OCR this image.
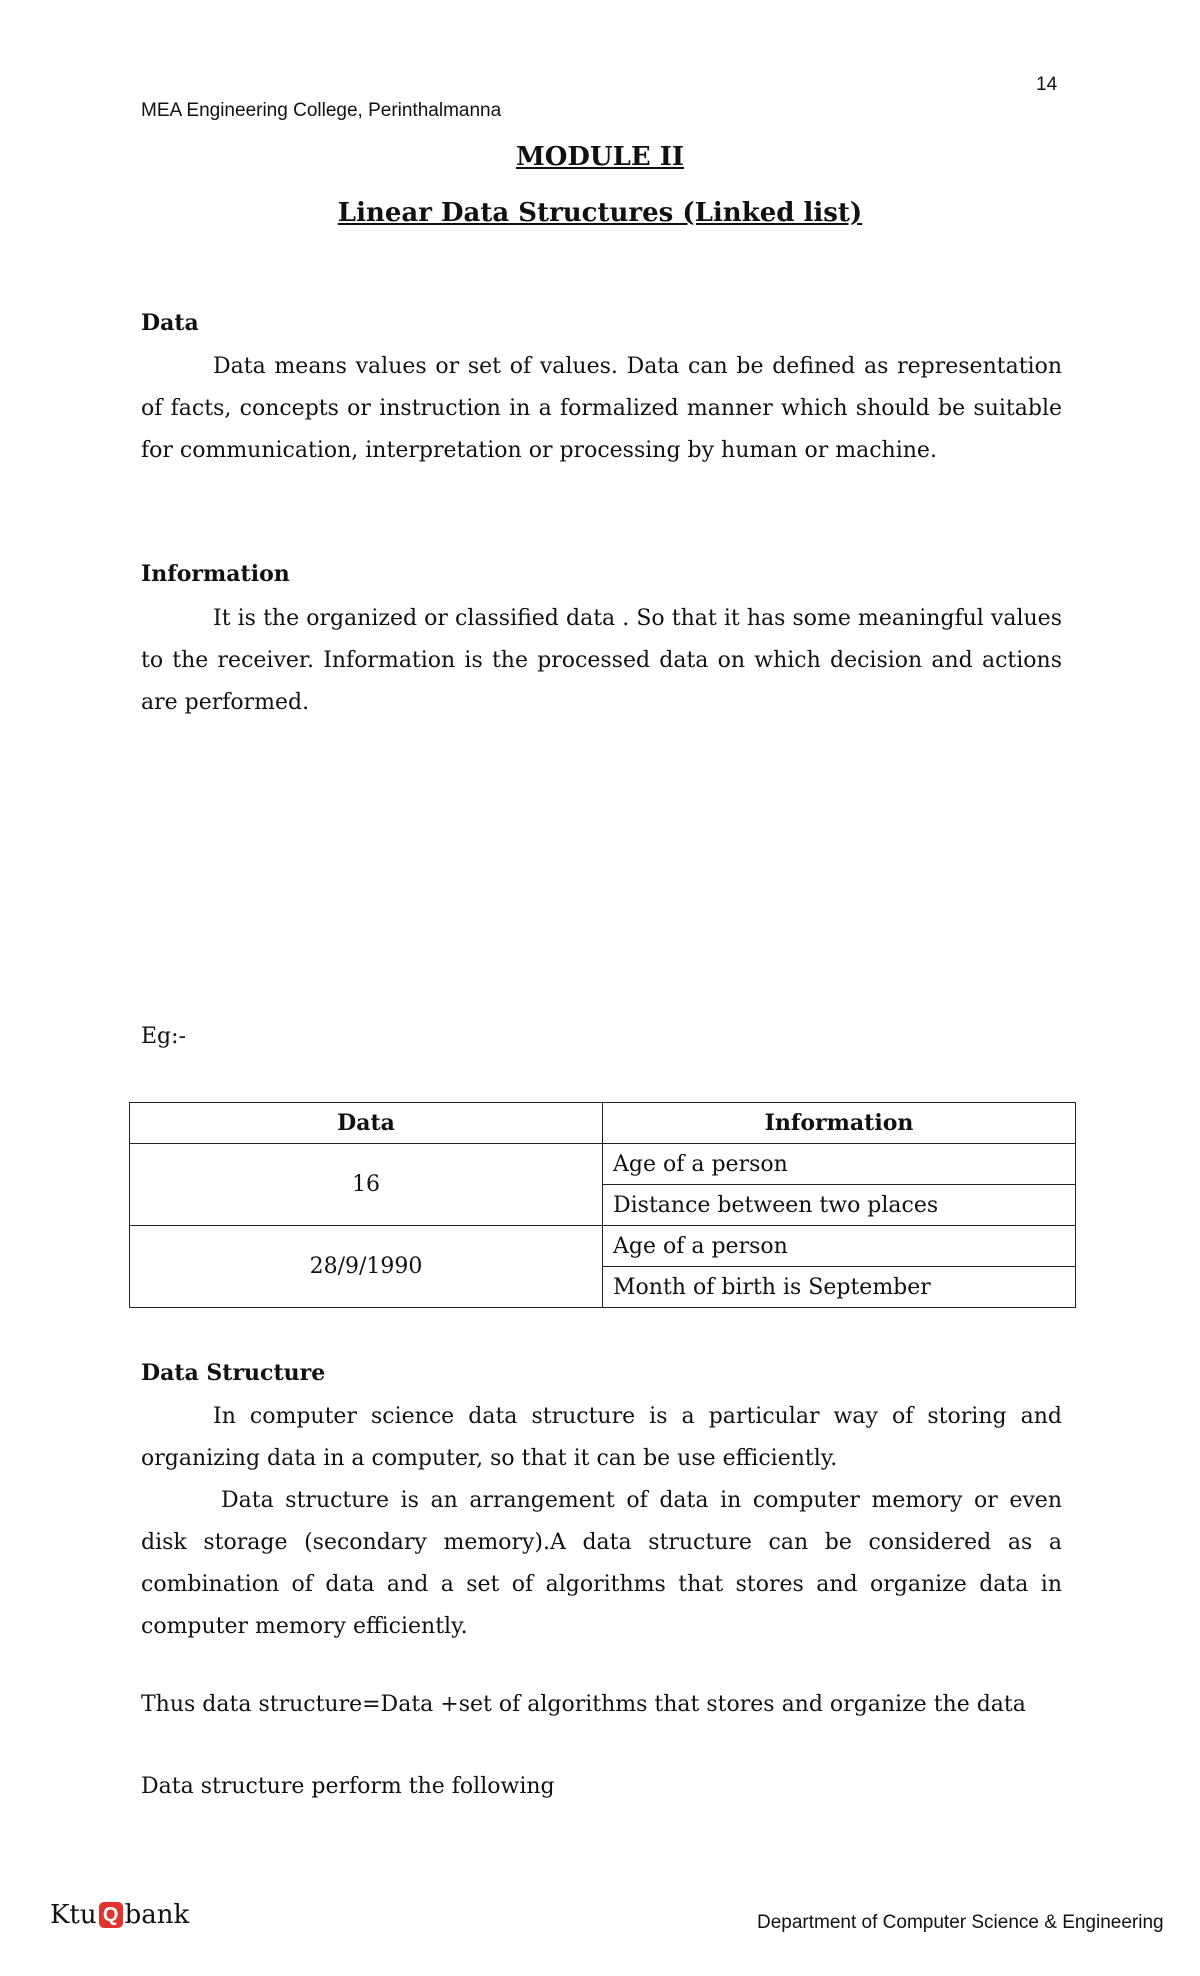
14
MEA Engineering College, Perinthalmanna
MODULE II
Linear Data Structures (Linked list)
Data
Data means values or set of values. Data can be defined as representation of facts, concepts or instruction in a formalized manner which should be suitable for communication, interpretation or processing by human or machine.
Information
It is the organized or classified data . So that it has some meaningful values to the receiver. Information is the processed data on which decision and actions are performed.
Eg:-
Data	Information
16	Age of a person
	Distance between two places
28/9/1990	Age of a person
	Month of birth is September
Data Structure
In computer science data structure is a particular way of storing and organizing data in a computer, so that it can be use efficiently.
Data structure is an arrangement of data in computer memory or even disk storage (secondary memory).A data structure can be considered as a combination of data and a set of algorithms that stores and organize data in computer memory efficiently.
Thus data structure=Data +set of algorithms that stores and organize the data
Data structure perform the following
Ktu Q bank	Department of Computer Science & Engineering
